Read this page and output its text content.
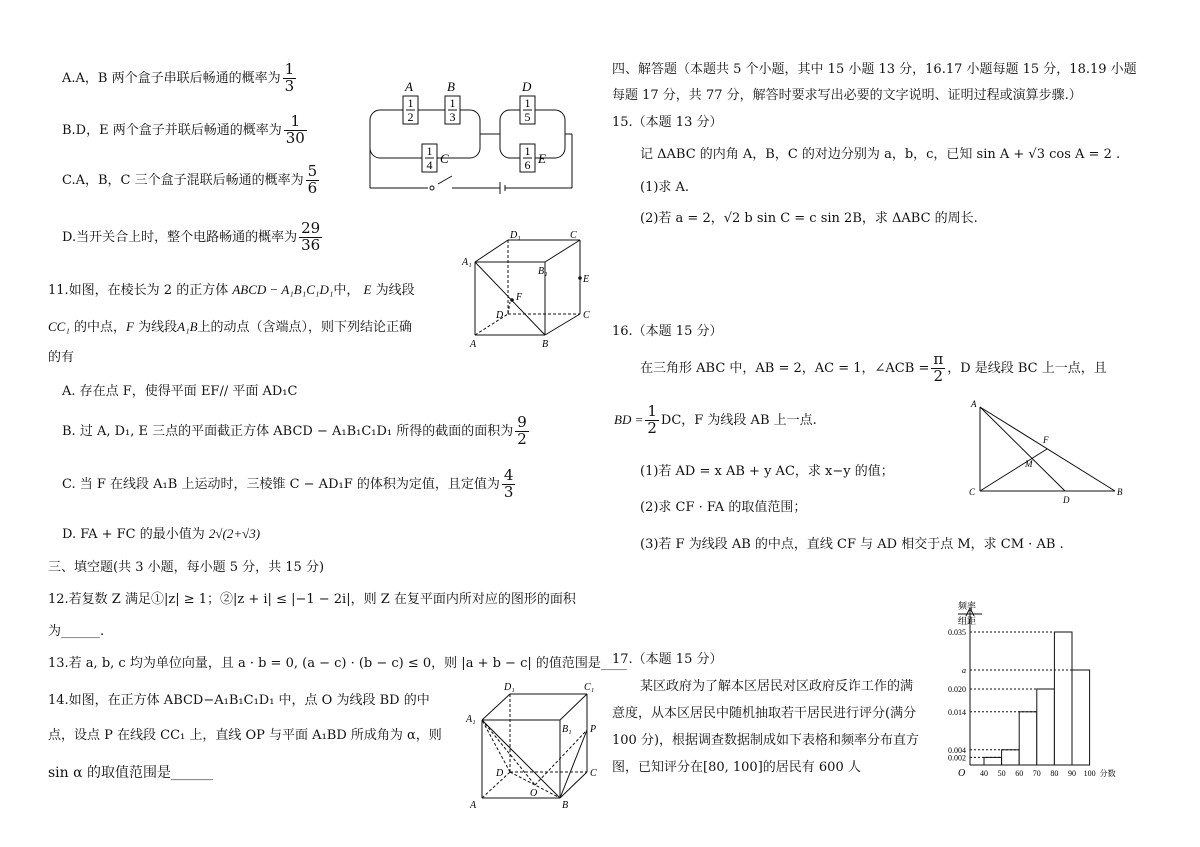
A.A，B 两个盒子串联后畅通的概率为 $\frac{1}{3}$
B.D，E 两个盒子并联后畅通的概率为 $\frac{1}{30}$
C.A，B，C 三个盒子混联后畅通的概率为 $\frac{5}{6}$
D.当开关合上时，整个电路畅通的概率为 $\frac{29}{36}$
1
2
1
3
1
4
1
5
1
6
A	B
C
D
E
D₁	C
A₁
B₁
E
F
D	C
A	B
11.如图，在棱长为 2 的正方体 ABCD − A₁B₁C₁D₁中， E 为线段
CC₁ 的中点，F 为线段A₁B上的动点（含端点），则下列结论正确
的有
A. 存在点 F，使得平面 EF// 平面 AD₁C
B. 过 A, D₁, E 三点的平面截正方体 ABCD − A₁B₁C₁D₁ 所得的截面的面积为 $\frac{9}{2}$
C. 当 F 在线段 A₁B 上运动时，三棱锥 C − AD₁F 的体积为定值，且定值为 $\frac{4}{3}$
D. FA + FC 的最小值为 2√(2+√3)
三、填空题(共 3 小题，每小题 5 分，共 15 分)
12.若复数 Z 满足①|z| ≥ 1；②|z + i| ≤ |−1 − 2i|，则 Z 在复平面内所对应的图形的面积
为______.
13.若 a, b, c 均为单位向量，且 a · b = 0, (a − c) · (b − c) ≤ 0，则 |a + b − c| 的值范围是____
14.如图，在正方体 ABCD−A₁B₁C₁D₁ 中，点 O 为线段 BD 的中
点，设点 P 在线段 CC₁ 上，直线 OP 与平面 A₁BD 所成角为 α，则
sin α 的取值范围是______
D₁	C₁
A₁
B₁ P
D	C
O
A	B
四、解答题（本题共 5 个小题，其中 15 小题 13 分，16.17 小题每题 15 分，18.19 小题
每题 17 分，共 77 分，解答时要求写出必要的文字说明、证明过程或演算步骤.）
15.（本题 13 分）
记 ΔABC 的内角 A，B，C 的对边分别为 a，b，c，已知 sin A + √3 cos A = 2 .
(1)求 A.
(2)若 a = 2，√2 b sin C = c sin 2B，求 ΔABC 的周长.
16.（本题 15 分）
在三角形 ABC 中，AB = 2，AC = 1，∠ACB = $\frac{\pi}{2}$ ，D 是线段 BC 上一点，且
BD = $\frac{1}{2}$ DC，F 为线段 AB 上一点.
(1)若 AD = x AB + y AC，求 x−y 的值；
(2)求 CF · FA 的取值范围；
(3)若 F 为线段 AB 的中点，直线 CF 与 AD 相交于点 M，求 CM · AB .
A
F
M
C
D
B
17.（本题 15 分）
某区政府为了解本区居民对区政府反诈工作的满
意度，从本区居民中随机抽取若干居民进行评分(满分
100 分)，根据调查数据制成如下表格和频率分布直方
图，已知评分在[80, 100]的居民有 600 人
频率
组距
O
0.002
0.004
0.014
0.020
a
0.035
40 50 60 70 80 90 100 分数
